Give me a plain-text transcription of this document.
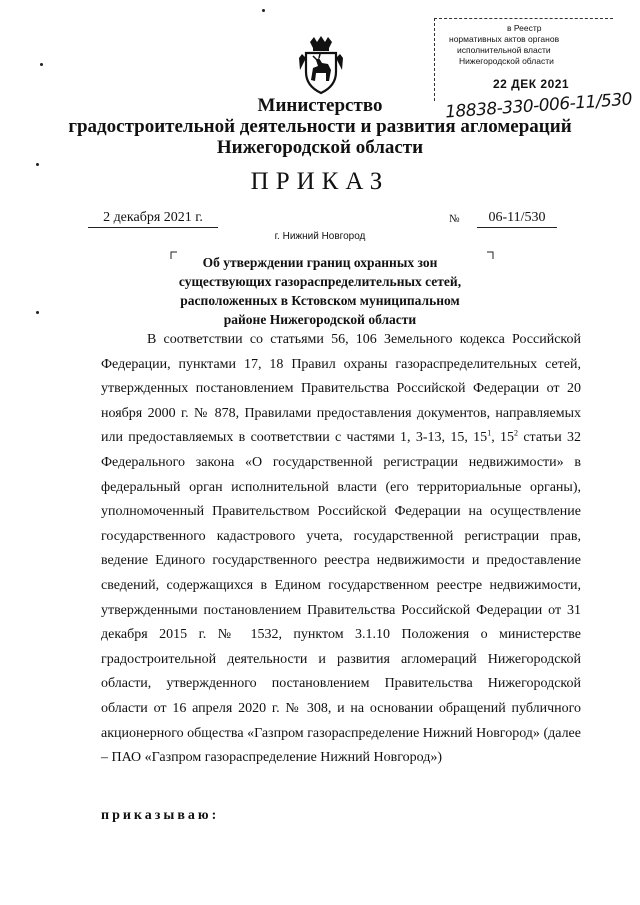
в Реестр
нормативных актов органов
исполнительной власти
Нижегородской области
22 ДЕК 2021
18838-330-006-11/530
Министерство
градостроительной деятельности и развития агломераций
Нижегородской области
ПРИКАЗ
2 декабря 2021 г.	№	06-11/530
г. Нижний Новгород
Об утверждении границ охранных зон
существующих газораспределительных сетей,
расположенных в Кстовском муниципальном
районе Нижегородской области
В соответствии со статьями 56, 106 Земельного кодекса Российской Федерации, пунктами 17, 18 Правил охраны газораспределительных сетей, утвержденных постановлением Правительства Российской Федерации от 20 ноября 2000 г. № 878, Правилами предоставления документов, направляемых или предоставляемых в соответствии с частями 1, 3-13, 15, $15^1$, $15^2$ статьи 32 Федерального закона «О государственной регистрации недвижимости» в федеральный орган исполнительной власти (его территориальные органы), уполномоченный Правительством Российской Федерации на осуществление государственного кадастрового учета, государственной регистрации прав, ведение Единого государственного реестра недвижимости и предоставление сведений, содержащихся в Едином государственном реестре недвижимости, утвержденными постановлением Правительства Российской Федерации от 31 декабря 2015 г. № 1532, пунктом 3.1.10 Положения о министерстве градостроительной деятельности и развития агломераций Нижегородской области, утвержденного постановлением Правительства Нижегородской области от 16 апреля 2020 г. № 308, и на основании обращений публичного акционерного общества «Газпром газораспределение Нижний Новгород» (далее – ПАО «Газпром газораспределение Нижний Новгород»)
приказываю:
